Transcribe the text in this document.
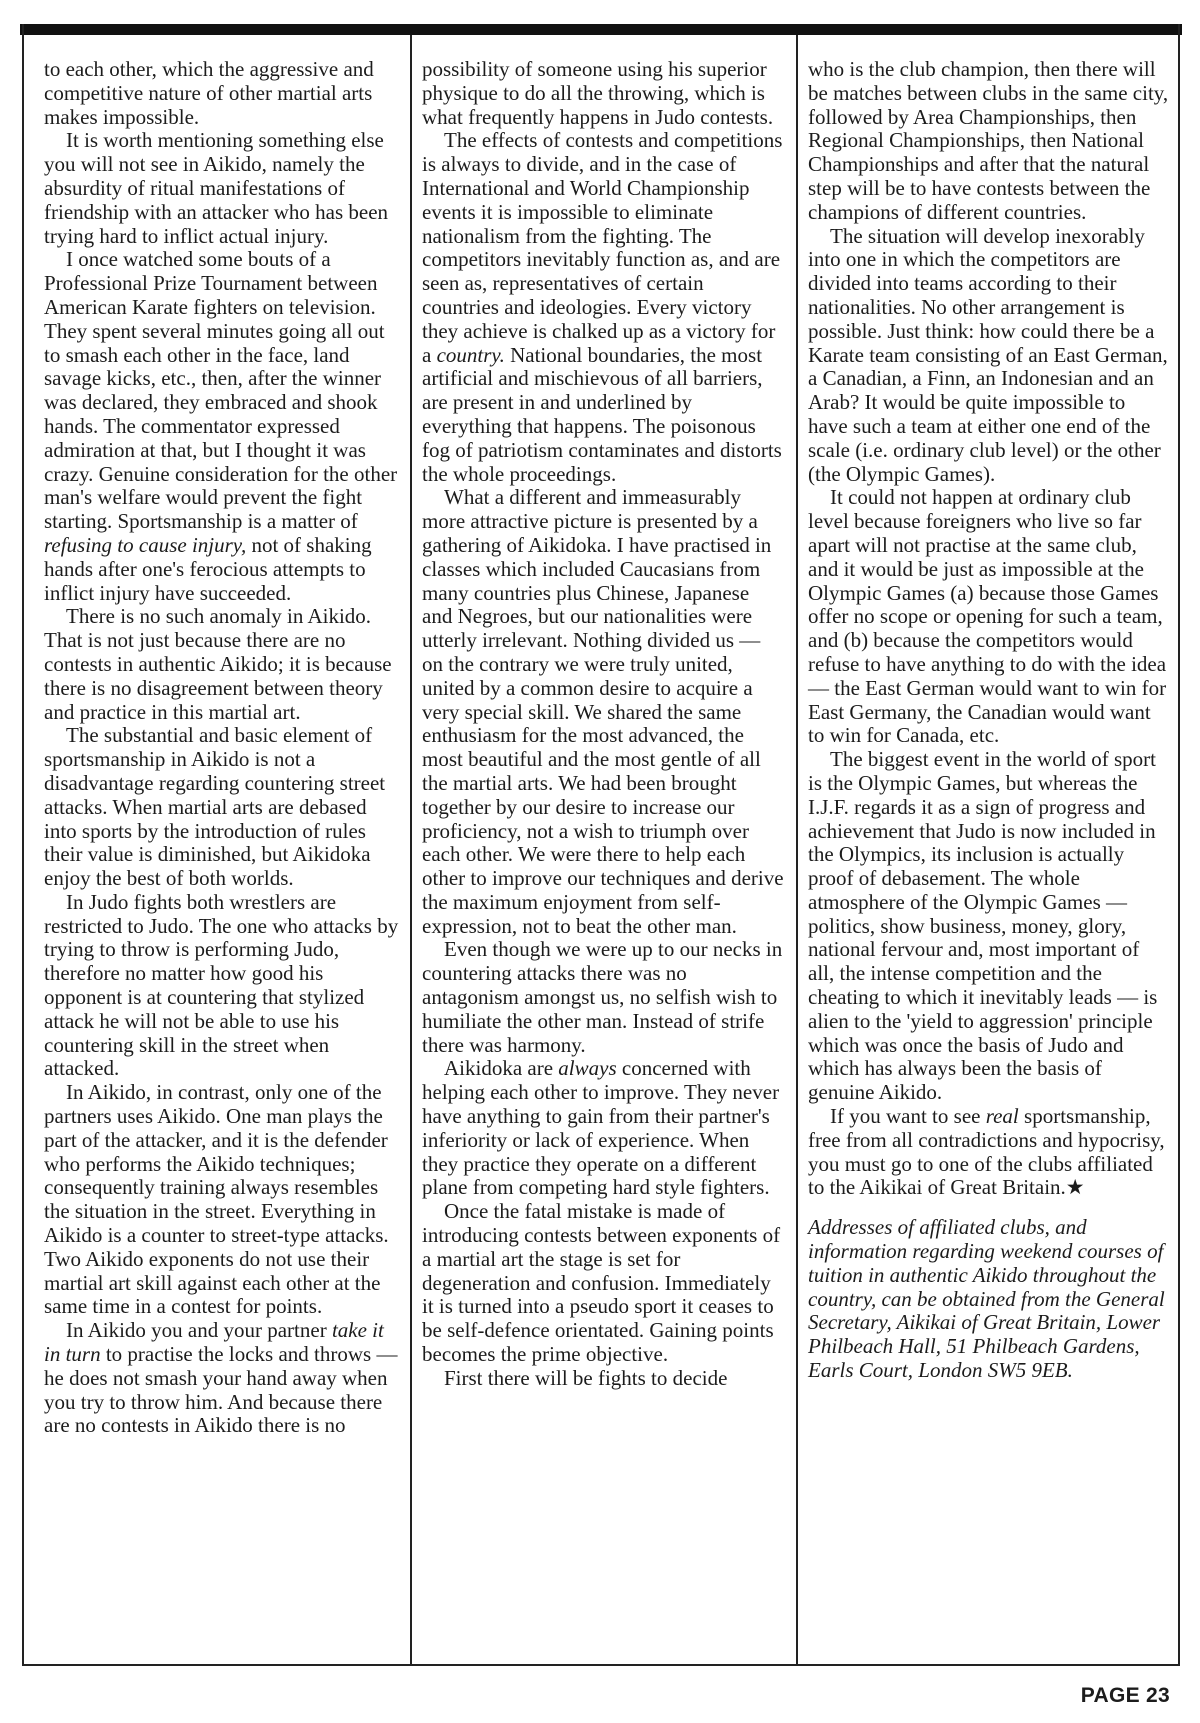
to each other, which the aggressive and competitive nature of other martial arts makes impossible.

It is worth mentioning something else you will not see in Aikido, namely the absurdity of ritual manifestations of friendship with an attacker who has been trying hard to inflict actual injury.

I once watched some bouts of a Professional Prize Tournament between American Karate fighters on television. They spent several minutes going all out to smash each other in the face, land savage kicks, etc., then, after the winner was declared, they embraced and shook hands. The commentator expressed admiration at that, but I thought it was crazy. Genuine consideration for the other man's welfare would prevent the fight starting. Sportsmanship is a matter of refusing to cause injury, not of shaking hands after one's ferocious attempts to inflict injury have succeeded.

There is no such anomaly in Aikido. That is not just because there are no contests in authentic Aikido; it is because there is no disagreement between theory and practice in this martial art.

The substantial and basic element of sportsmanship in Aikido is not a disadvantage regarding countering street attacks. When martial arts are debased into sports by the introduction of rules their value is diminished, but Aikidoka enjoy the best of both worlds.

In Judo fights both wrestlers are restricted to Judo. The one who attacks by trying to throw is performing Judo, therefore no matter how good his opponent is at countering that stylized attack he will not be able to use his countering skill in the street when attacked.

In Aikido, in contrast, only one of the partners uses Aikido. One man plays the part of the attacker, and it is the defender who performs the Aikido techniques; consequently training always resembles the situation in the street. Everything in Aikido is a counter to street-type attacks. Two Aikido exponents do not use their martial art skill against each other at the same time in a contest for points.

In Aikido you and your partner take it in turn to practise the locks and throws — he does not smash your hand away when you try to throw him. And because there are no contests in Aikido there is no

possibility of someone using his superior physique to do all the throwing, which is what frequently happens in Judo contests.

The effects of contests and competitions is always to divide, and in the case of International and World Championship events it is impossible to eliminate nationalism from the fighting. The competitors inevitably function as, and are seen as, representatives of certain countries and ideologies. Every victory they achieve is chalked up as a victory for a country. National boundaries, the most artificial and mischievous of all barriers, are present in and underlined by everything that happens. The poisonous fog of patriotism contaminates and distorts the whole proceedings.

What a different and immeasurably more attractive picture is presented by a gathering of Aikidoka. I have practised in classes which included Caucasians from many countries plus Chinese, Japanese and Negroes, but our nationalities were utterly irrelevant. Nothing divided us — on the contrary we were truly united, united by a common desire to acquire a very special skill. We shared the same enthusiasm for the most advanced, the most beautiful and the most gentle of all the martial arts. We had been brought together by our desire to increase our proficiency, not a wish to triumph over each other. We were there to help each other to improve our techniques and derive the maximum enjoyment from self-expression, not to beat the other man.

Even though we were up to our necks in countering attacks there was no antagonism amongst us, no selfish wish to humiliate the other man. Instead of strife there was harmony.

Aikidoka are always concerned with helping each other to improve. They never have anything to gain from their partner's inferiority or lack of experience. When they practice they operate on a different plane from competing hard style fighters.

Once the fatal mistake is made of introducing contests between exponents of a martial art the stage is set for degeneration and confusion. Immediately it is turned into a pseudo sport it ceases to be self-defence orientated. Gaining points becomes the prime objective.

First there will be fights to decide

who is the club champion, then there will be matches between clubs in the same city, followed by Area Championships, then Regional Championships, then National Championships and after that the natural step will be to have contests between the champions of different countries.

The situation will develop inexorably into one in which the competitors are divided into teams according to their nationalities. No other arrangement is possible. Just think: how could there be a Karate team consisting of an East German, a Canadian, a Finn, an Indonesian and an Arab? It would be quite impossible to have such a team at either one end of the scale (i.e. ordinary club level) or the other (the Olympic Games).

It could not happen at ordinary club level because foreigners who live so far apart will not practise at the same club, and it would be just as impossible at the Olympic Games (a) because those Games offer no scope or opening for such a team, and (b) because the competitors would refuse to have anything to do with the idea — the East German would want to win for East Germany, the Canadian would want to win for Canada, etc.

The biggest event in the world of sport is the Olympic Games, but whereas the I.J.F. regards it as a sign of progress and achievement that Judo is now included in the Olympics, its inclusion is actually proof of debasement. The whole atmosphere of the Olympic Games — politics, show business, money, glory, national fervour and, most important of all, the intense competition and the cheating to which it inevitably leads — is alien to the 'yield to aggression' principle which was once the basis of Judo and which has always been the basis of genuine Aikido.

If you want to see real sportsmanship, free from all contradictions and hypocrisy, you must go to one of the clubs affiliated to the Aikikai of Great Britain.★

Addresses of affiliated clubs, and information regarding weekend courses of tuition in authentic Aikido throughout the country, can be obtained from the General Secretary, Aikikai of Great Britain, Lower Philbeach Hall, 51 Philbeach Gardens, Earls Court, London SW5 9EB.

PAGE 23
